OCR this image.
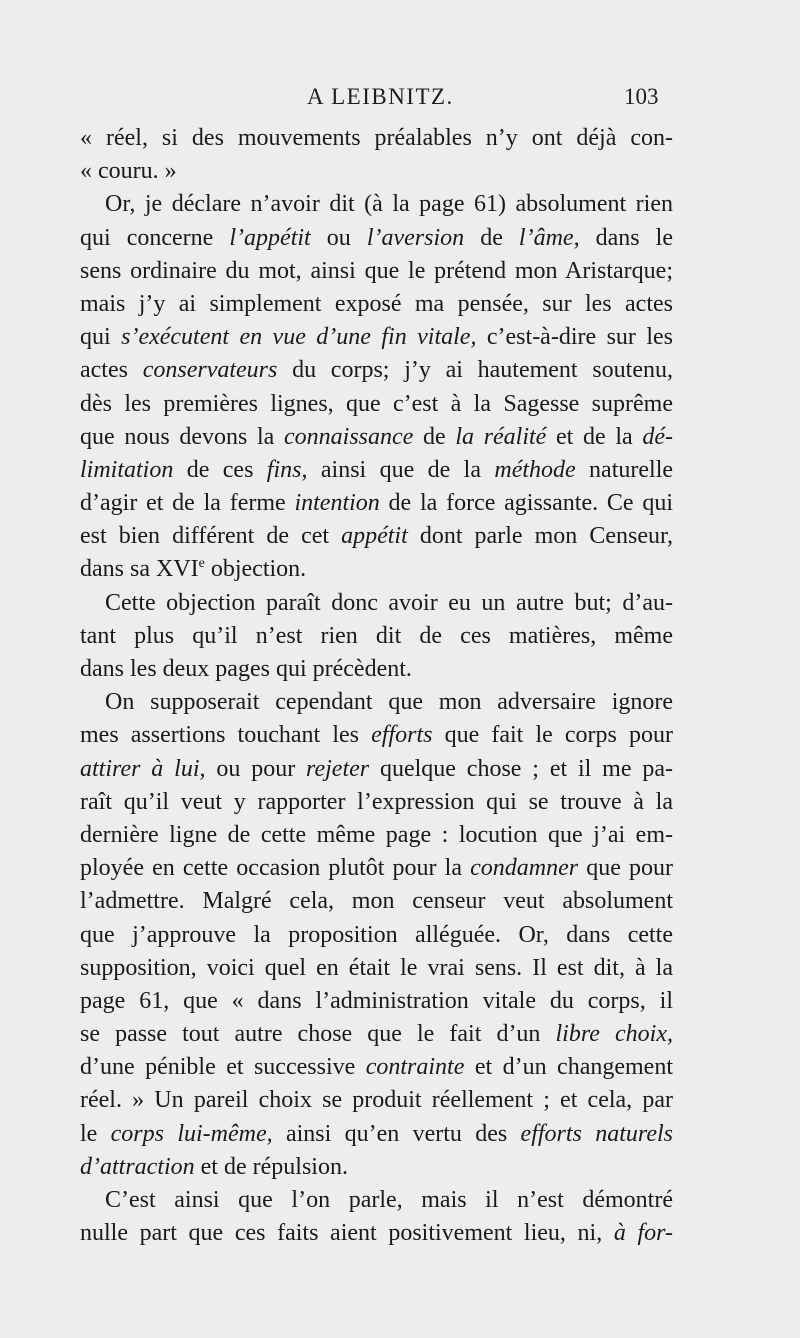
A LEIBNITZ.	103
« réel, si des mouvements préalables n’y ont déjà con-
« couru. »
Or, je déclare n’avoir dit (à la page 61) absolument rien
qui concerne l’appétit ou l’aversion de l’âme, dans le
sens ordinaire du mot, ainsi que le prétend mon Aristarque;
mais j’y ai simplement exposé ma pensée, sur les actes
qui s’exécutent en vue d’une fin vitale, c’est-à-dire sur les
actes conservateurs du corps; j’y ai hautement soutenu,
dès les premières lignes, que c’est à la Sagesse suprême
que nous devons la connaissance de la réalité et de la dé-
limitation de ces fins, ainsi que de la méthode naturelle
d’agir et de la ferme intention de la force agissante. Ce qui
est bien différent de cet appétit dont parle mon Censeur,
dans sa XVIe objection.
Cette objection paraît donc avoir eu un autre but; d’au-
tant plus qu’il n’est rien dit de ces matières, même
dans les deux pages qui précèdent.
On supposerait cependant que mon adversaire ignore
mes assertions touchant les efforts que fait le corps pour
attirer à lui, ou pour rejeter quelque chose ; et il me pa-
raît qu’il veut y rapporter l’expression qui se trouve à la
dernière ligne de cette même page : locution que j’ai em-
ployée en cette occasion plutôt pour la condamner que pour
l’admettre. Malgré cela, mon censeur veut absolument
que j’approuve la proposition alléguée. Or, dans cette
supposition, voici quel en était le vrai sens. Il est dit, à la
page 61, que « dans l’administration vitale du corps, il
se passe tout autre chose que le fait d’un libre choix,
d’une pénible et successive contrainte et d’un changement
réel. » Un pareil choix se produit réellement ; et cela, par
le corps lui-même, ainsi qu’en vertu des efforts naturels
d’attraction et de répulsion.
C’est ainsi que l’on parle, mais il n’est démontré
nulle part que ces faits aient positivement lieu, ni, à for-
